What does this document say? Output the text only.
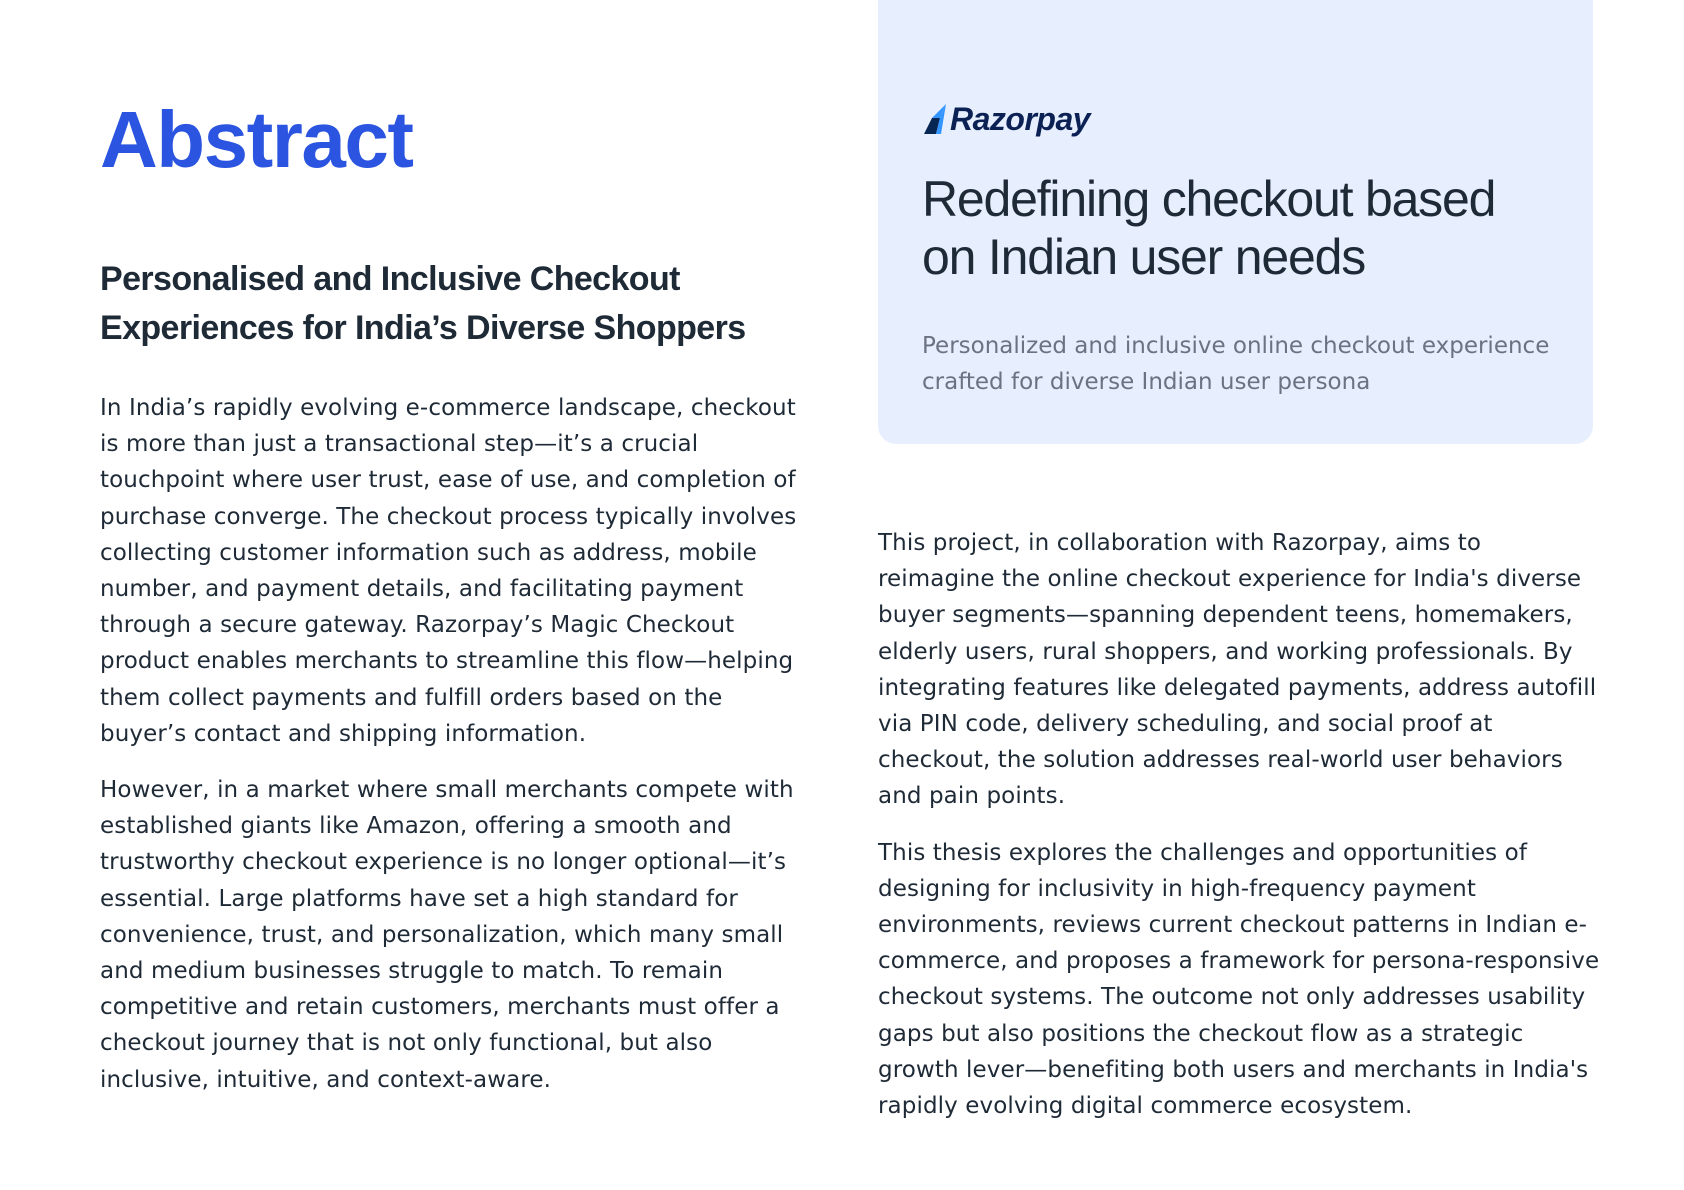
Abstract
Personalised and Inclusive Checkout
Experiences for India’s Diverse Shoppers

In India’s rapidly evolving e-commerce landscape, checkout is more than just a transactional step—it’s a crucial touchpoint where user trust, ease of use, and completion of purchase converge. The checkout process typically involves collecting customer information such as address, mobile number, and payment details, and facilitating payment through a secure gateway. Razorpay’s Magic Checkout product enables merchants to streamline this flow—helping them collect payments and fulfill orders based on the buyer’s contact and shipping information.

However, in a market where small merchants compete with established giants like Amazon, offering a smooth and trustworthy checkout experience is no longer optional—it’s essential. Large platforms have set a high standard for convenience, trust, and personalization, which many small and medium businesses struggle to match. To remain competitive and retain customers, merchants must offer a checkout journey that is not only functional, but also inclusive, intuitive, and context-aware.

Razorpay
Redefining checkout based
on Indian user needs

Personalized and inclusive online checkout experience crafted for diverse Indian user persona

This project, in collaboration with Razorpay, aims to reimagine the online checkout experience for India's diverse buyer segments—spanning dependent teens, homemakers, elderly users, rural shoppers, and working professionals. By integrating features like delegated payments, address autofill via PIN code, delivery scheduling, and social proof at checkout, the solution addresses real-world user behaviors and pain points.

This thesis explores the challenges and opportunities of designing for inclusivity in high-frequency payment environments, reviews current checkout patterns in Indian e-commerce, and proposes a framework for persona-responsive checkout systems. The outcome not only addresses usability gaps but also positions the checkout flow as a strategic growth lever—benefiting both users and merchants in India's rapidly evolving digital commerce ecosystem.
